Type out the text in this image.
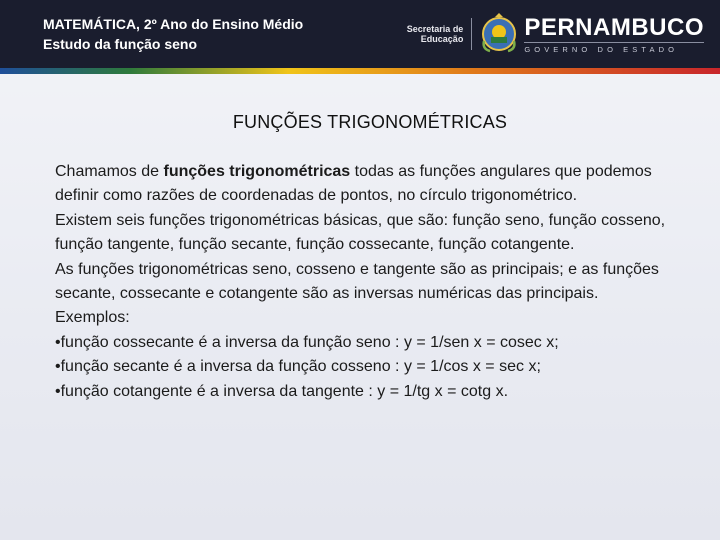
MATEMÁTICA, 2º Ano do Ensino Médio
Estudo da função seno
Secretaria de
Educação	PERNAMBUCO
GOVERNO DO ESTADO
FUNÇÕES TRIGONOMÉTRICAS

Chamamos de funções trigonométricas todas as funções angulares que podemos definir como razões de coordenadas de pontos, no círculo trigonométrico.

Existem seis funções trigonométricas básicas, que são: função seno, função cosseno, função tangente, função secante, função cossecante, função cotangente.

As funções trigonométricas seno, cosseno e tangente são as principais; e as funções secante, cossecante e cotangente são as inversas numéricas das principais.

Exemplos:

•função cossecante é a inversa da função seno : y = 1/sen x = cosec x;

•função secante é a inversa da função cosseno : y = 1/cos x = sec x;

•função cotangente é a inversa da tangente : y = 1/tg x = cotg x.
